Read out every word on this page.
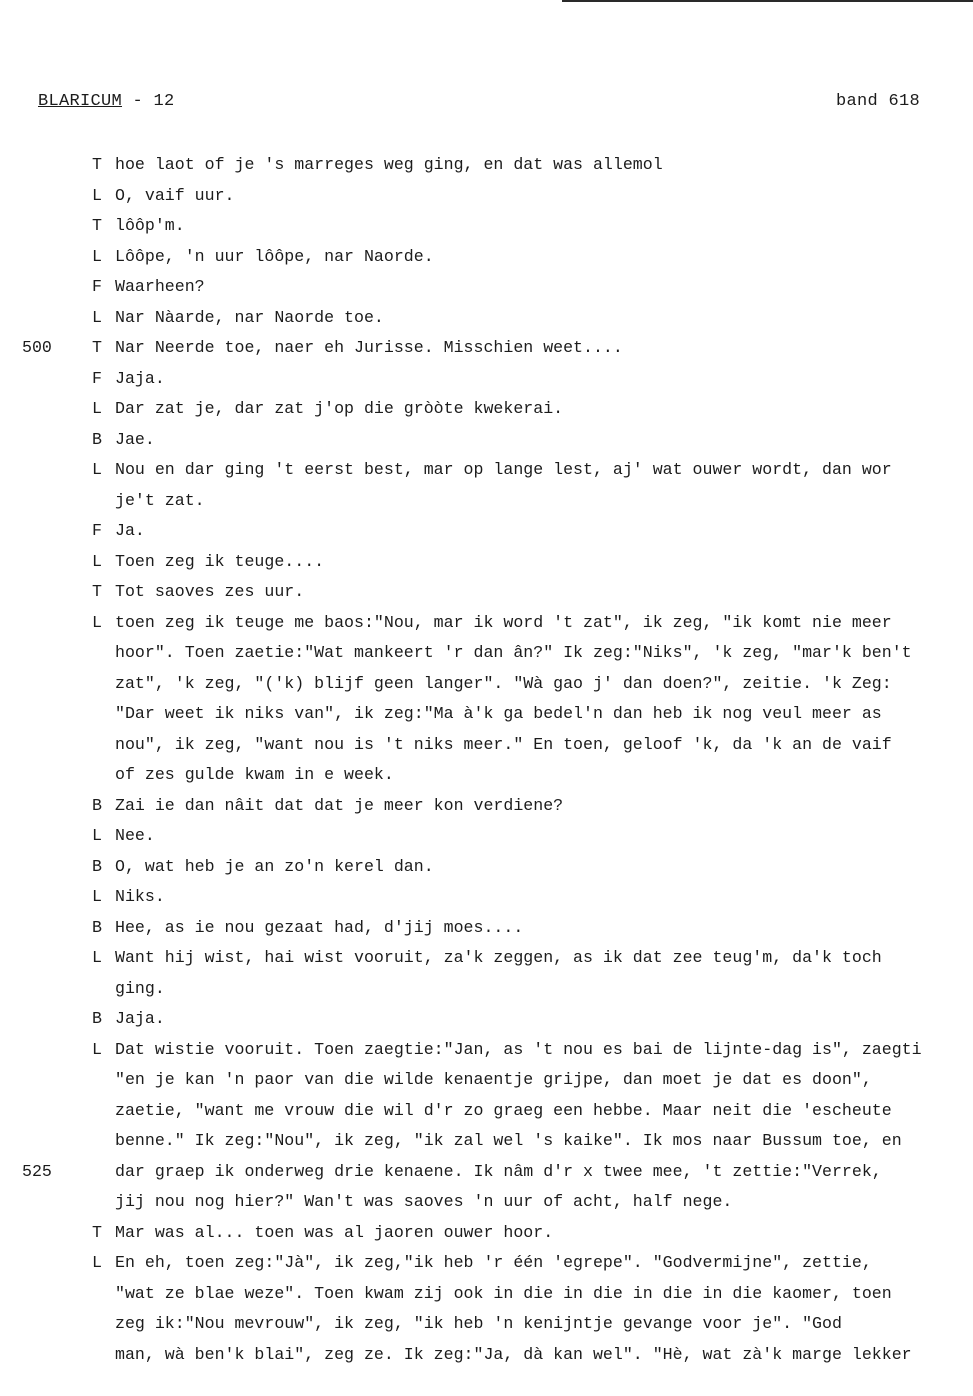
BLARICUM - 12	band 618
T hoe laot of je 's marreges weg ging, en dat was allemol
L O, vaif uur.
T lôôp'm.
L Lôôpe, 'n uur lôôpe, nar Naorde.
F Waarheen?
L Nar Nàarde, nar Naorde toe.
500 T Nar Neerde toe, naer eh Jurisse. Misschien weet....
F Jaja.
L Dar zat je, dar zat j'op die gròòte kwekerai.
B Jae.
L Nou en dar ging 't eerst best, mar op lange lest, aj' wat ouwer wordt, dan wor
je't zat.
F Ja.
L Toen zeg ik teuge....
T Tot saoves zes uur.
L toen zeg ik teuge me baos:"Nou, mar ik word 't zat", ik zeg, "ik komt nie meer
hoor". Toen zaetie:"Wat mankeert 'r dan ân?" Ik zeg:"Niks", 'k zeg, "mar'k ben't
zat", 'k zeg, "('k) blijf geen langer". "Wà gao j' dan doen?", zeitie. 'k Zeg:
"Dar weet ik niks van", ik zeg:"Ma à'k ga bedel'n dan heb ik nog veul meer as
nou", ik zeg, "want nou is 't niks meer." En toen, geloof 'k, da 'k an de vaif
of zes gulde kwam in e week.
B Zai ie dan nâit dat dat je meer kon verdiene?
L Nee.
B O, wat heb je an zo'n kerel dan.
L Niks.
B Hee, as ie nou gezaat had, d'jij moes....
L Want hij wist, hai wist vooruit, za'k zeggen, as ik dat zee teug'm, da'k toch
ging.
B Jaja.
L Dat wistie vooruit. Toen zaegtie:"Jan, as 't nou es bai de lijnte-dag is", zaegti
"en je kan 'n paor van die wilde kenaentje grijpe, dan moet je dat es doon",
zaetie, "want me vrouw die wil d'r zo graeg een hebbe. Maar neit die 'escheute
benne." Ik zeg:"Nou", ik zeg, "ik zal wel 's kaike". Ik mos naar Bussum toe, en
525	dar graep ik onderweg drie kenaene. Ik nâm d'r x twee mee, 't zettie:"Verrek,
jij nou nog hier?" Wan't was saoves 'n uur of acht, half nege.
T Mar was al... toen was al jaoren ouwer hoor.
L En eh, toen zeg:"Jà", ik zeg,"ik heb 'r één 'egrepe". "Godvermijne", zettie,
"wat ze blae weze". Toen kwam zij ook in die in die in die in die kaomer, toen
zeg ik:"Nou mevrouw", ik zeg, "ik heb 'n kenijntje gevange voor je". "God
man, wà ben'k blai", zeg ze. Ik zeg:"Ja, dà kan wel". "Hè, wat zà'k marge lekker
